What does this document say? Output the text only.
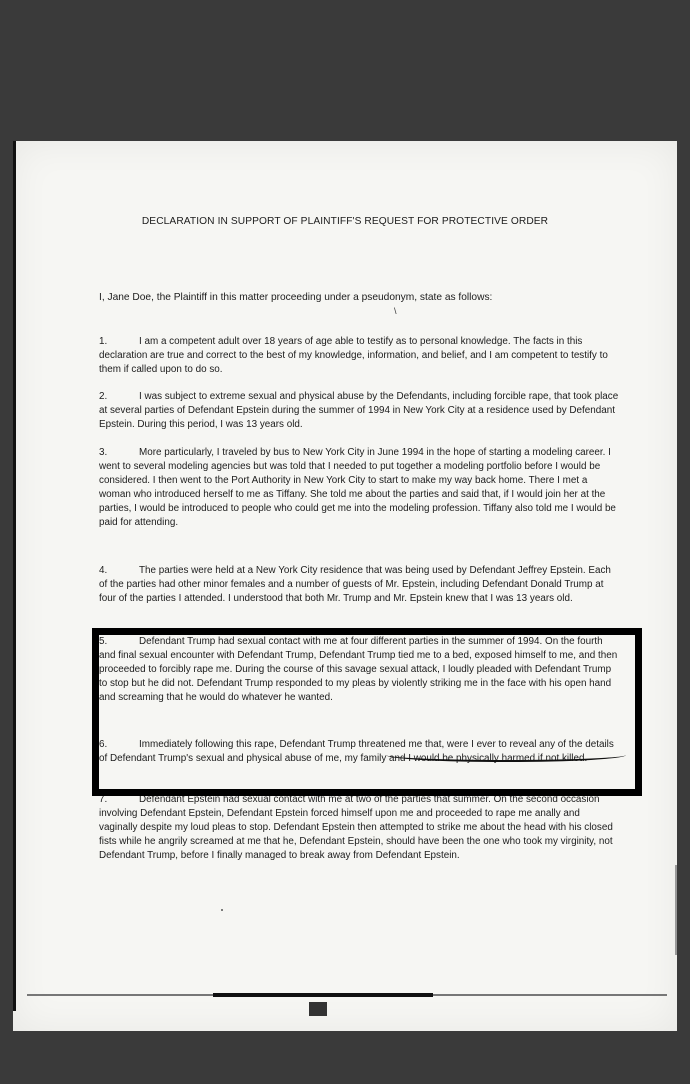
DECLARATION IN SUPPORT OF PLAINTIFF'S REQUEST FOR PROTECTIVE ORDER
I, Jane Doe, the Plaintiff in this matter proceeding under a pseudonym, state as follows:
\
1.	I am a competent adult over 18 years of age able to testify as to personal knowledge. The facts in this declaration are true and correct to the best of my knowledge, information, and belief, and I am competent to testify to them if called upon to do so.
2.	I was subject to extreme sexual and physical abuse by the Defendants, including forcible rape, that took place at several parties of Defendant Epstein during the summer of 1994 in New York City at a residence used by Defendant Epstein. During this period, I was 13 years old.
3.	More particularly, I traveled by bus to New York City in June 1994 in the hope of starting a modeling career. I went to several modeling agencies but was told that I needed to put together a modeling portfolio before I would be considered. I then went to the Port Authority in New York City to start to make my way back home. There I met a woman who introduced herself to me as Tiffany. She told me about the parties and said that, if I would join her at the parties, I would be introduced to people who could get me into the modeling profession. Tiffany also told me I would be paid for attending.
4.	The parties were held at a New York City residence that was being used by Defendant Jeffrey Epstein. Each of the parties had other minor females and a number of guests of Mr. Epstein, including Defendant Donald Trump at four of the parties I attended. I understood that both Mr. Trump and Mr. Epstein knew that I was 13 years old.
5.	Defendant Trump had sexual contact with me at four different parties in the summer of 1994. On the fourth and final sexual encounter with Defendant Trump, Defendant Trump tied me to a bed, exposed himself to me, and then proceeded to forcibly rape me. During the course of this savage sexual attack, I loudly pleaded with Defendant Trump to stop but he did not. Defendant Trump responded to my pleas by violently striking me in the face with his open hand and screaming that he would do whatever he wanted.
6.	Immediately following this rape, Defendant Trump threatened me that, were I ever to reveal any of the details of Defendant Trump's sexual and physical abuse of me, my family and I would be physically harmed if not killed.
7.	Defendant Epstein had sexual contact with me at two of the parties that summer. On the second occasion involving Defendant Epstein, Defendant Epstein forced himself upon me and proceeded to rape me anally and vaginally despite my loud pleas to stop. Defendant Epstein then attempted to strike me about the head with his closed fists while he angrily screamed at me that he, Defendant Epstein, should have been the one who took my virginity, not Defendant Trump, before I finally managed to break away from Defendant Epstein.
